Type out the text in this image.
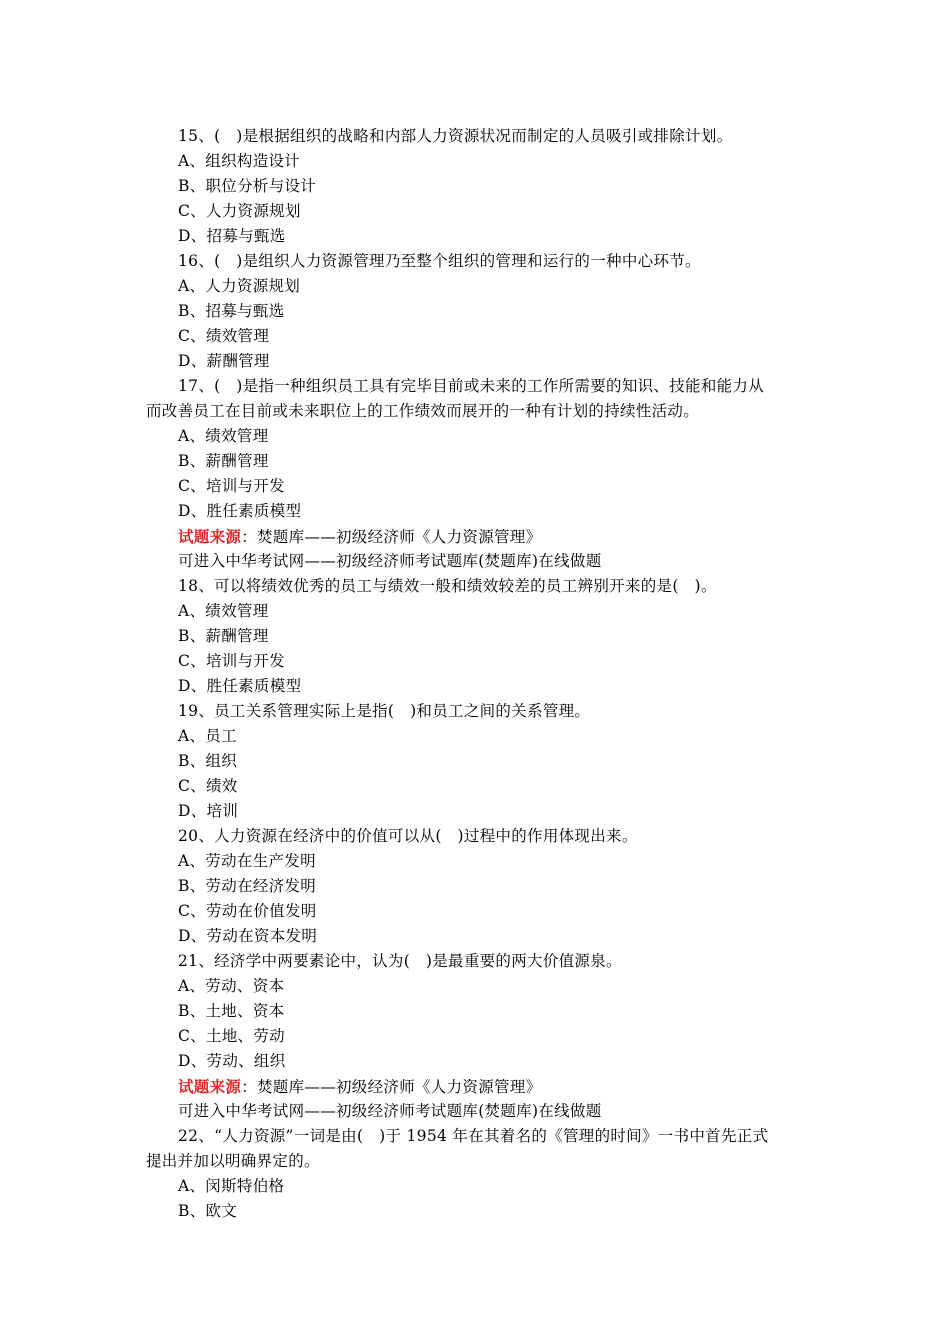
15、(　)是根据组织的战略和内部人力资源状况而制定的人员吸引或排除计划。
A、组织构造设计
B、职位分析与设计
C、人力资源规划
D、招募与甄选
16、(　)是组织人力资源管理乃至整个组织的管理和运行的一种中心环节。
A、人力资源规划
B、招募与甄选
C、绩效管理
D、薪酬管理
17、(　)是指一种组织员工具有完毕目前或未来的工作所需要的知识、技能和能力从
而改善员工在目前或未来职位上的工作绩效而展开的一种有计划的持续性活动。
A、绩效管理
B、薪酬管理
C、培训与开发
D、胜任素质模型
试题来源：焚题库——初级经济师《人力资源管理》
可进入中华考试网——初级经济师考试题库(焚题库)在线做题
18、可以将绩效优秀的员工与绩效一般和绩效较差的员工辨别开来的是(　)。
A、绩效管理
B、薪酬管理
C、培训与开发
D、胜任素质模型
19、员工关系管理实际上是指(　)和员工之间的关系管理。
A、员工
B、组织
C、绩效
D、培训
20、人力资源在经济中的价值可以从(　)过程中的作用体现出来。
A、劳动在生产发明
B、劳动在经济发明
C、劳动在价值发明
D、劳动在资本发明
21、经济学中两要素论中，认为(　)是最重要的两大价值源泉。
A、劳动、资本
B、土地、资本
C、土地、劳动
D、劳动、组织
试题来源：焚题库——初级经济师《人力资源管理》
可进入中华考试网——初级经济师考试题库(焚题库)在线做题
22、“人力资源”一词是由(　)于 1954 年在其着名的《管理的时间》一书中首先正式
提出并加以明确界定的。
A、闵斯特伯格
B、欧文
